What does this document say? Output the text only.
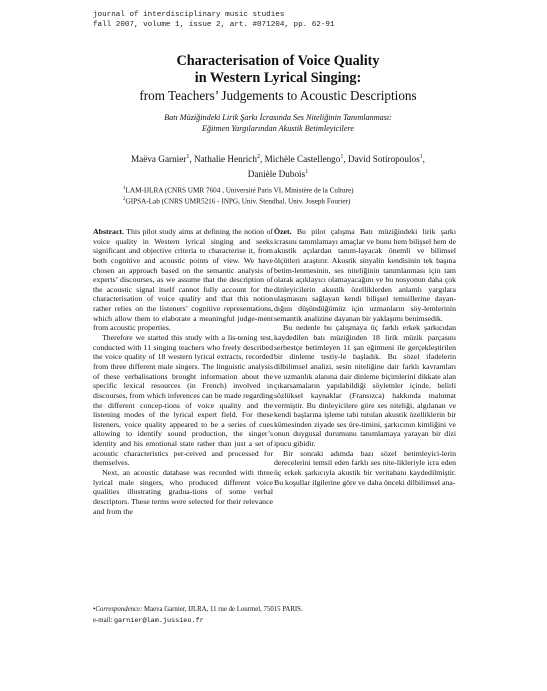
journal of interdisciplinary music studies
fall 2007, volume 1, issue 2, art. #071204, pp. 62-91
Characterisation of Voice Quality
in Western Lyrical Singing:
from Teachers’ Judgements to Acoustic Descriptions
Batı Müziğindeki Lirik Şarkı İcrasında Ses Niteliğinin Tanımlanması:
Eğitmen Yargılarından Akustik Betimleyicilere
Maëva Garnier$^1$, Nathalie Henrich$^2$, Michèle Castellengo$^1$, David Sotiropoulos$^1$,
Danièle Dubois$^1$
$^1$LAM-IJLRA (CNRS UMR 7604 , Université Paris VI, Ministère de la Culture)
$^2$GIPSA-Lab (CNRS UMR5216 - INPG, Univ. Stendhal, Univ. Joseph Fourier)

Abstract. This pilot study aims at defining the notion of voice quality in Western lyrical singing and seeks significant and objective criteria to characterise it, from both cognitive and acoustic points of view. We have chosen an approach based on the semantic analysis of experts’ discourses, as we assume that the description of the acoustic signal itself cannot fully account for the characterisation of voice quality and that this notion rather relies on the listeners’ cognitive representations, which allow them to elaborate a meaningful judge-ment from acoustic properties.

Therefore we started this study with a lis-tening test, conducted with 11 singing teachers who freely described the voice quality of 18 western lyrical extracts, recorded from three different male singers. The linguistic analysis of these verbalisations brought information about the specific lexical resources (in French) involved in discourses, from which inferences can be made regarding the different concep-tions of voice quality and the listening modes of the lyrical expert field. For these listeners, voice quality appeared to be a series of cues allowing to identify sound production, the singer’s identity and his emotional state rather than just a set of acoustic characteristics per-ceived and processed for themselves.

Next, an acoustic database was recorded with three lyrical male singers, who produced different voice qualities illustrating gradua-tions of some verbal descriptors. These terms were selected for their relevance and from the

Özet. Bu pilot çalışma Batı müziğindeki lirik şarkı icrasını tanımlamayı amaçlar ve bunu hem bilişsel hem de akustik açılardan tanım-layacak önemli ve bilimsel ölçütleri araştırır. Akustik sinyalin kendisinin tek başına betim-lenmesinin, ses niteliğinin tanımlanması için tam olarak açıklayıcı olamayacağını ve bu nosyonun daha çok dinleyicilerin akustik özelliklerden anlamlı yargılara ulaşmasını sağlayan kendi bilişsel temsillerine dayan-dığını düşündüğümüz için uzmanların söy-lemlerinin semantik analizine dayanan bir yaklaşımı benimsedik.

Bu nedenle bu çalışmaya üç farklı erkek şarkıcıdan kaydedilen batı müziğinden 18 lirik müzik parçasını serbestçe betimleyen 11 şan eğitmeni ile gerçekleştirilen bir dinleme testiy-le başladık. Bu sözel ifadelerin dilbilimsel analizi, sesin niteliğine dair farklı kavramları ve uzmanlık alanına dair dinleme biçimlerini dikkate alan çıkarsamaların yapılabildiği söylemler içinde, belirli sözlüksel kaynaklar (Fransızca) hakkında malumat vermiştir. Bu dinleyicilere göre ses niteliği, algılanan ve kendi başlarına işleme tabi tutulan akustik özelliklerin bir kümesinden ziyade ses üre-timini, şarkıcının kimliğini ve onun duygusal durumunu tanımlamaya yarayan bir dizi ipucu gibidir.

Bir sonraki adımda bazı sözel betimleyici-lerin derecelerini temsil eden farklı ses nite-likleriyle icra eden üç erkek şarkıcıyla akustik bir veritabanı kaydedilmiştir. Bu koşullar ilgilerine göre ve daha önceki dilbilimsel ana-

•Correspondence: Maeva Garnier, IJLRA, 11 rue de Lourmel, 75015 PARIS.
e-mail: garnier@lam.jussieu.fr
